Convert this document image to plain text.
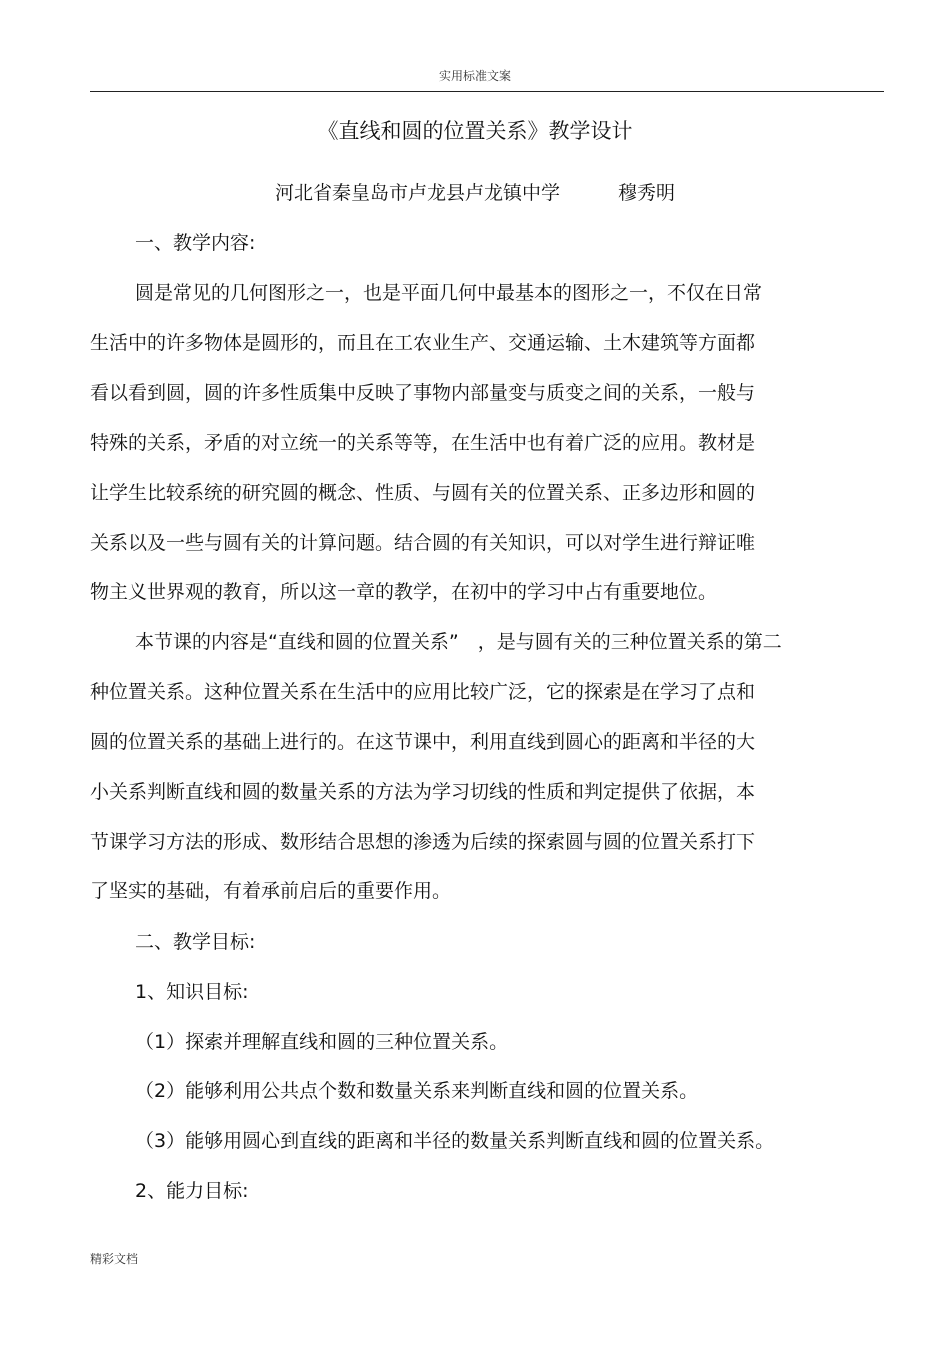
实用标准文案
《直线和圆的位置关系》教学设计
河北省秦皇岛市卢龙县卢龙镇中学	穆秀明
一、教学内容:
圆是常见的几何图形之一，也是平面几何中最基本的图形之一，不仅在日常
生活中的许多物体是圆形的，而且在工农业生产、交通运输、土木建筑等方面都
看以看到圆，圆的许多性质集中反映了事物内部量变与质变之间的关系，一般与
特殊的关系，矛盾的对立统一的关系等等，在生活中也有着广泛的应用。教材是
让学生比较系统的研究圆的概念、性质、与圆有关的位置关系、正多边形和圆的
关系以及一些与圆有关的计算问题。结合圆的有关知识，可以对学生进行辩证唯
物主义世界观的教育，所以这一章的教学，在初中的学习中占有重要地位。
本节课的内容是“直线和圆的位置关系”　，是与圆有关的三种位置关系的第二
种位置关系。这种位置关系在生活中的应用比较广泛，它的探索是在学习了点和
圆的位置关系的基础上进行的。在这节课中，利用直线到圆心的距离和半径的大
小关系判断直线和圆的数量关系的方法为学习切线的性质和判定提供了依据，本
节课学习方法的形成、数形结合思想的渗透为后续的探索圆与圆的位置关系打下
了坚实的基础，有着承前启后的重要作用。
二、教学目标:
1、知识目标:
（1）探索并理解直线和圆的三种位置关系。
（2）能够利用公共点个数和数量关系来判断直线和圆的位置关系。
（3）能够用圆心到直线的距离和半径的数量关系判断直线和圆的位置关系。
2、能力目标:
精彩文档
